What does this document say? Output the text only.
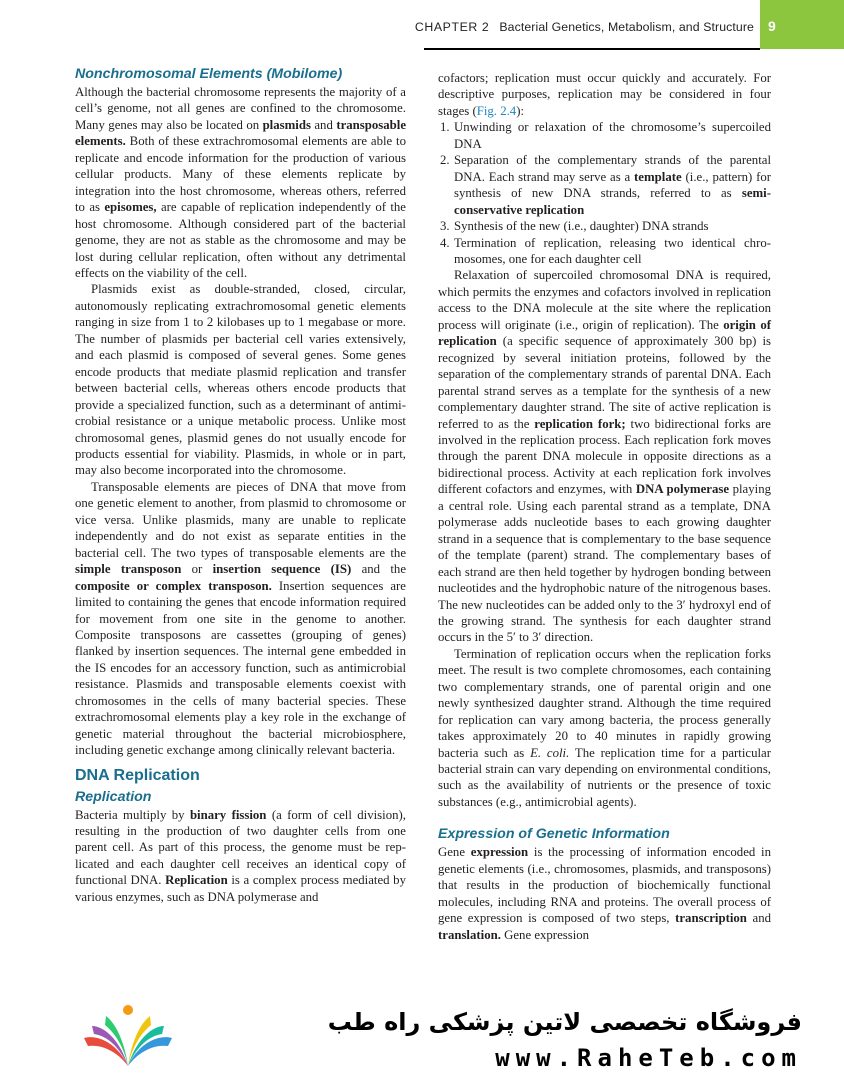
CHAPTER 2 Bacterial Genetics, Metabolism, and Structure 9
Nonchromosomal Elements (Mobilome)

Although the bacterial chromosome represents the majority of a cell’s genome, not all genes are confined to the chromosome. Many genes may also be located on plasmids and transposable elements. Both of these extrachromosomal elements are able to replicate and encode information for the production of various cellular products. Many of these elements replicate by integration into the host chromosome, whereas others, referred to as episomes, are capable of replication independently of the host chromosome. Although considered part of the bacterial genome, they are not as stable as the chromosome and may be lost during cellular replication, often without any detrimental effects on the viability of the cell.

Plasmids exist as double-stranded, closed, circular, autonomously replicating extrachromosomal genetic elements ranging in size from 1 to 2 kilobases up to 1 megabase or more. The number of plasmids per bacterial cell varies extensively, and each plasmid is composed of several genes. Some genes encode products that mediate plasmid replication and transfer between bacterial cells, whereas others encode products that provide a specialized function, such as a determinant of antimicrobial resistance or a unique metabolic process. Unlike most chromosomal genes, plasmid genes do not usually encode for products essential for viability. Plasmids, in whole or in part, may also become incorporated into the chromosome.

Transposable elements are pieces of DNA that move from one genetic element to another, from plasmid to chromosome or vice versa. Unlike plasmids, many are unable to replicate independently and do not exist as separate entities in the bacterial cell. The two types of transposable elements are the simple transposon or insertion sequence (IS) and the composite or complex transposon. Insertion sequences are limited to containing the genes that encode information required for movement from one site in the genome to another. Composite transposons are cassettes (grouping of genes) flanked by insertion sequences. The internal gene embedded in the IS encodes for an accessory function, such as antimicrobial resistance. Plasmids and transposable elements coexist with chromosomes in the cells of many bacterial species. These extrachromosomal elements play a key role in the exchange of genetic material throughout the bacterial microbiosphere, including genetic exchange among clinically relevant bacteria.

DNA Replication
Replication

Bacteria multiply by binary fission (a form of cell division), resulting in the production of two daughter cells from one parent cell. As part of this process, the genome must be replicated and each daughter cell receives an identical copy of functional DNA. Replication is a complex process mediated by various enzymes, such as DNA polymerase and

cofactors; replication must occur quickly and accurately. For descriptive purposes, replication may be considered in four stages (Fig. 2.4):

1. Unwinding or relaxation of the chromosome’s supercoiled DNA
2. Separation of the complementary strands of the parental DNA. Each strand may serve as a template (i.e., pattern) for synthesis of new DNA strands, referred to as semiconservative replication
3. Synthesis of the new (i.e., daughter) DNA strands
4. Termination of replication, releasing two identical chromosomes, one for each daughter cell

Relaxation of supercoiled chromosomal DNA is required, which permits the enzymes and cofactors involved in replication access to the DNA molecule at the site where the replication process will originate (i.e., origin of replication). The origin of replication (a specific sequence of approximately 300 bp) is recognized by several initiation proteins, followed by the separation of the complementary strands of parental DNA. Each parental strand serves as a template for the synthesis of a new complementary daughter strand. The site of active replication is referred to as the replication fork; two bidirectional forks are involved in the replication process. Each replication fork moves through the parent DNA molecule in opposite directions as a bidirectional process. Activity at each replication fork involves different cofactors and enzymes, with DNA polymerase playing a central role. Using each parental strand as a template, DNA polymerase adds nucleotide bases to each growing daughter strand in a sequence that is complementary to the base sequence of the template (parent) strand. The complementary bases of each strand are then held together by hydrogen bonding between nucleotides and the hydrophobic nature of the nitrogenous bases. The new nucleotides can be added only to the 3′ hydroxyl end of the growing strand. The synthesis for each daughter strand occurs in the 5′ to 3′ direction.

Termination of replication occurs when the replication forks meet. The result is two complete chromosomes, each containing two complementary strands, one of parental origin and one newly synthesized daughter strand. Although the time required for replication can vary among bacteria, the process generally takes approximately 20 to 40 minutes in rapidly growing bacteria such as E. coli. The replication time for a particular bacterial strain can vary depending on environmental conditions, such as the availability of nutrients or the presence of toxic substances (e.g., antimicrobial agents).

Expression of Genetic Information

Gene expression is the processing of information encoded in genetic elements (i.e., chromosomes, plasmids, and transposons) that results in the production of biochemically functional molecules, including RNA and proteins. The overall process of gene expression is composed of two steps, transcription and translation. Gene expression

فروشگاه تخصصی لاتین پزشکی راه طب
www.RaheTeb.com
